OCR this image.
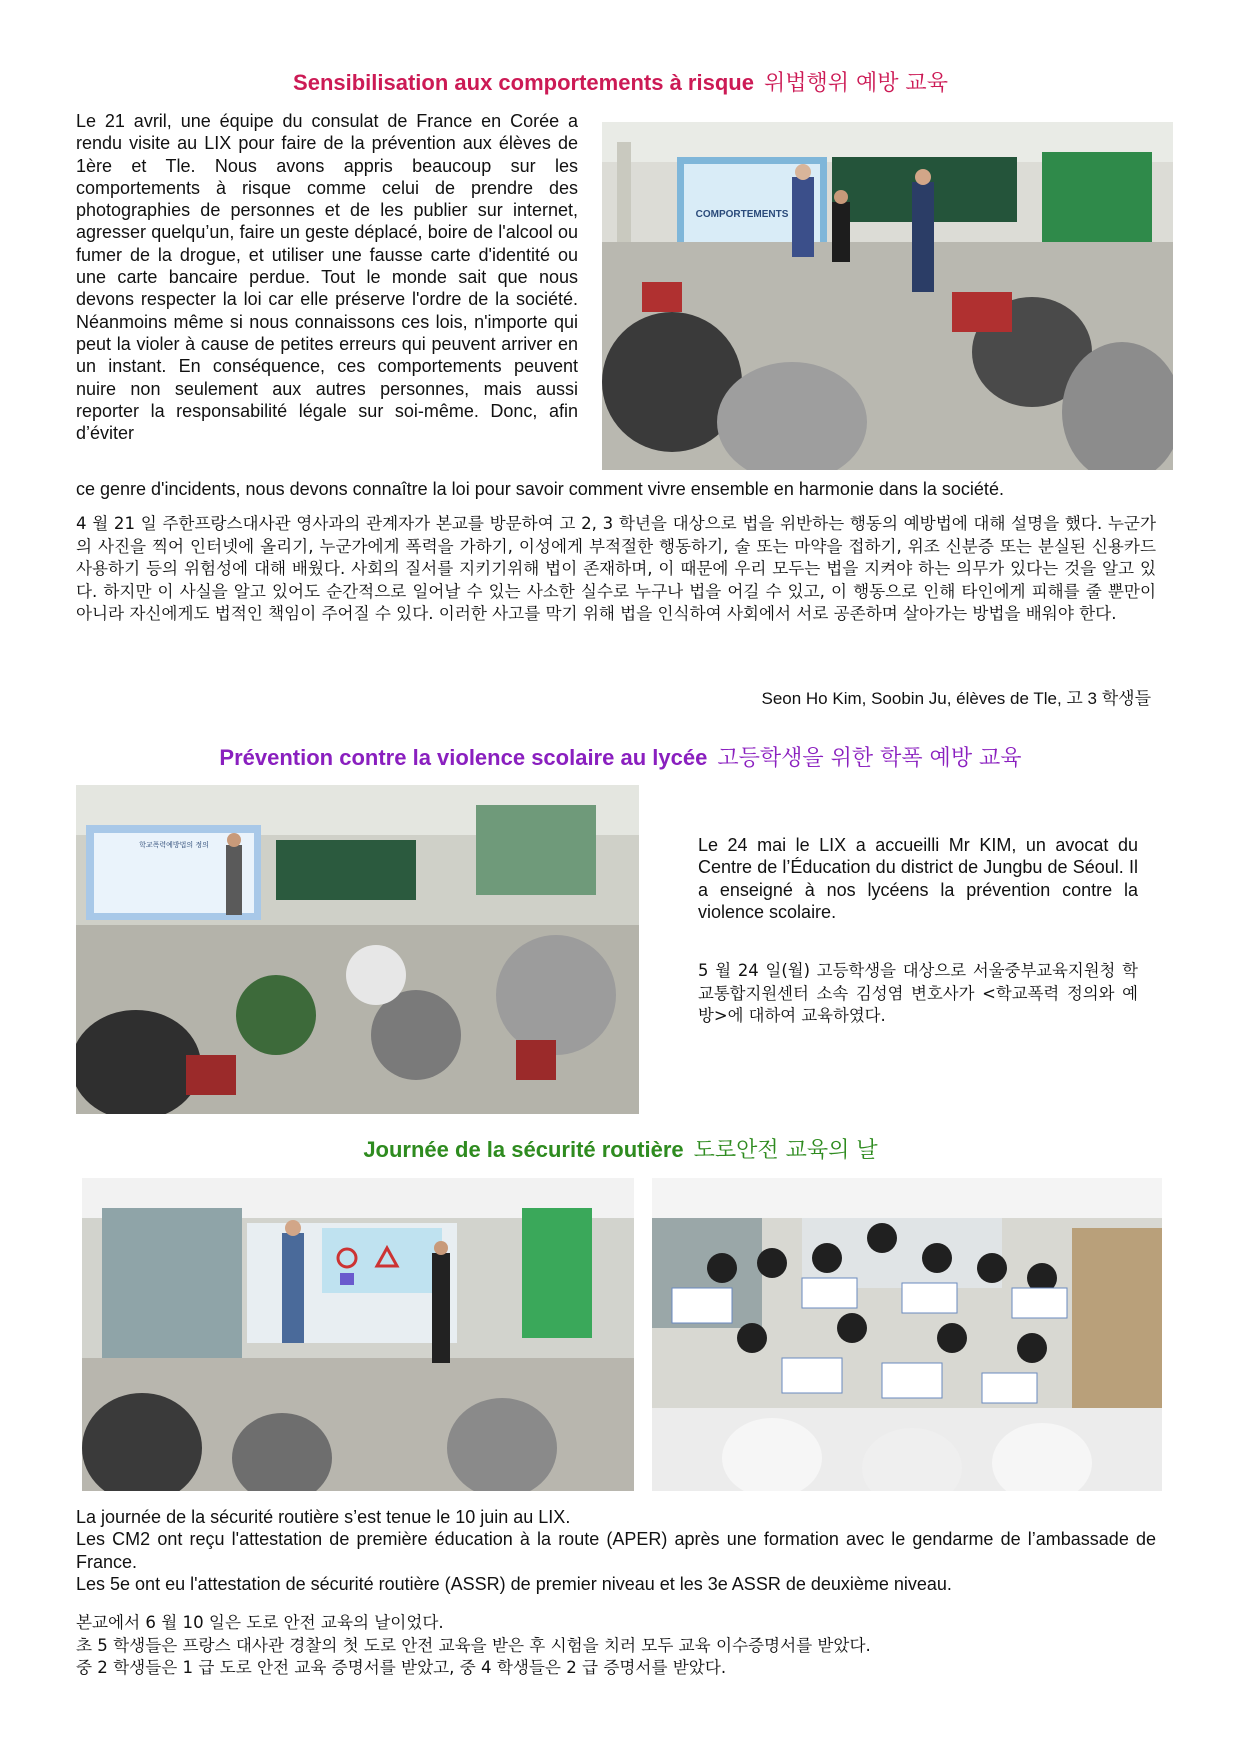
Sensibilisation aux comportements à risque 위법행위 예방 교육

Le 21 avril, une équipe du consulat de France en Corée a rendu visite au LIX pour faire de la prévention aux élèves de 1ère et Tle. Nous avons appris beaucoup sur les comportements à risque comme celui de prendre des photographies de personnes et de les publier sur internet, agresser quelqu’un, faire un geste déplacé, boire de l'alcool ou fumer de la drogue, et utiliser une fausse carte d'identité ou une carte bancaire perdue. Tout le monde sait que nous devons respecter la loi car elle préserve l'ordre de la société. Néanmoins même si nous connaissons ces lois, n'importe qui peut la violer à cause de petites erreurs qui peuvent arriver en un instant. En conséquence, ces comportements peuvent nuire non seulement aux autres personnes, mais aussi reporter la responsabilité légale sur soi-même. Donc, afin d’éviter

COMPORTEMENTS

ce genre d'incidents, nous devons connaître la loi pour savoir comment vivre ensemble en harmonie dans la société.

4 월 21 일 주한프랑스대사관 영사과의 관계자가 본교를 방문하여 고 2, 3 학년을 대상으로 법을 위반하는 행동의 예방법에 대해 설명을 했다. 누군가의 사진을 찍어 인터넷에 올리기, 누군가에게 폭력을 가하기, 이성에게 부적절한 행동하기, 술 또는 마약을 접하기, 위조 신분증 또는 분실된 신용카드 사용하기 등의 위험성에 대해 배웠다. 사회의 질서를 지키기위해 법이 존재하며, 이 때문에 우리 모두는 법을 지켜야 하는 의무가 있다는 것을 알고 있다. 하지만 이 사실을 알고 있어도 순간적으로 일어날 수 있는 사소한 실수로 누구나 법을 어길 수 있고, 이 행동으로 인해 타인에게 피해를 줄 뿐만이 아니라 자신에게도 법적인 책임이 주어질 수 있다. 이러한 사고를 막기 위해 법을 인식하여 사회에서 서로 공존하며 살아가는 방법을 배워야 한다.

Seon Ho Kim, Soobin Ju, élèves de Tle, 고 3 학생들

Prévention contre la violence scolaire au lycée 고등학생을 위한 학폭 예방 교육
학교폭력예방법의 정의	Le 24 mai le LIX a accueilli Mr KIM, un avocat du Centre de l’Éducation du district de Jungbu de Séoul. Il a enseigné à nos lycéens la prévention contre la violence scolaire.

5 월 24 일(월) 고등학생을 대상으로 서울중부교육지원청 학교통합지원센터 소속 김성염 변호사가 <학교폭력 정의와 예방>에 대하여 교육하였다.

Journée de la sécurité routière 도로안전 교육의 날
La journée de la sécurité routière s’est tenue le 10 juin au LIX.
Les CM2 ont reçu l'attestation de première éducation à la route (APER) après une formation avec le gendarme de l’ambassade de France.
Les 5e ont eu l'attestation de sécurité routière (ASSR) de premier niveau et les 3e ASSR de deuxième niveau.
본교에서 6 월 10 일은 도로 안전 교육의 날이었다.
초 5 학생들은 프랑스 대사관 경찰의 첫 도로 안전 교육을 받은 후 시험을 치러 모두 교육 이수증명서를 받았다.
중 2 학생들은 1 급 도로 안전 교육 증명서를 받았고, 중 4 학생들은 2 급 증명서를 받았다.
